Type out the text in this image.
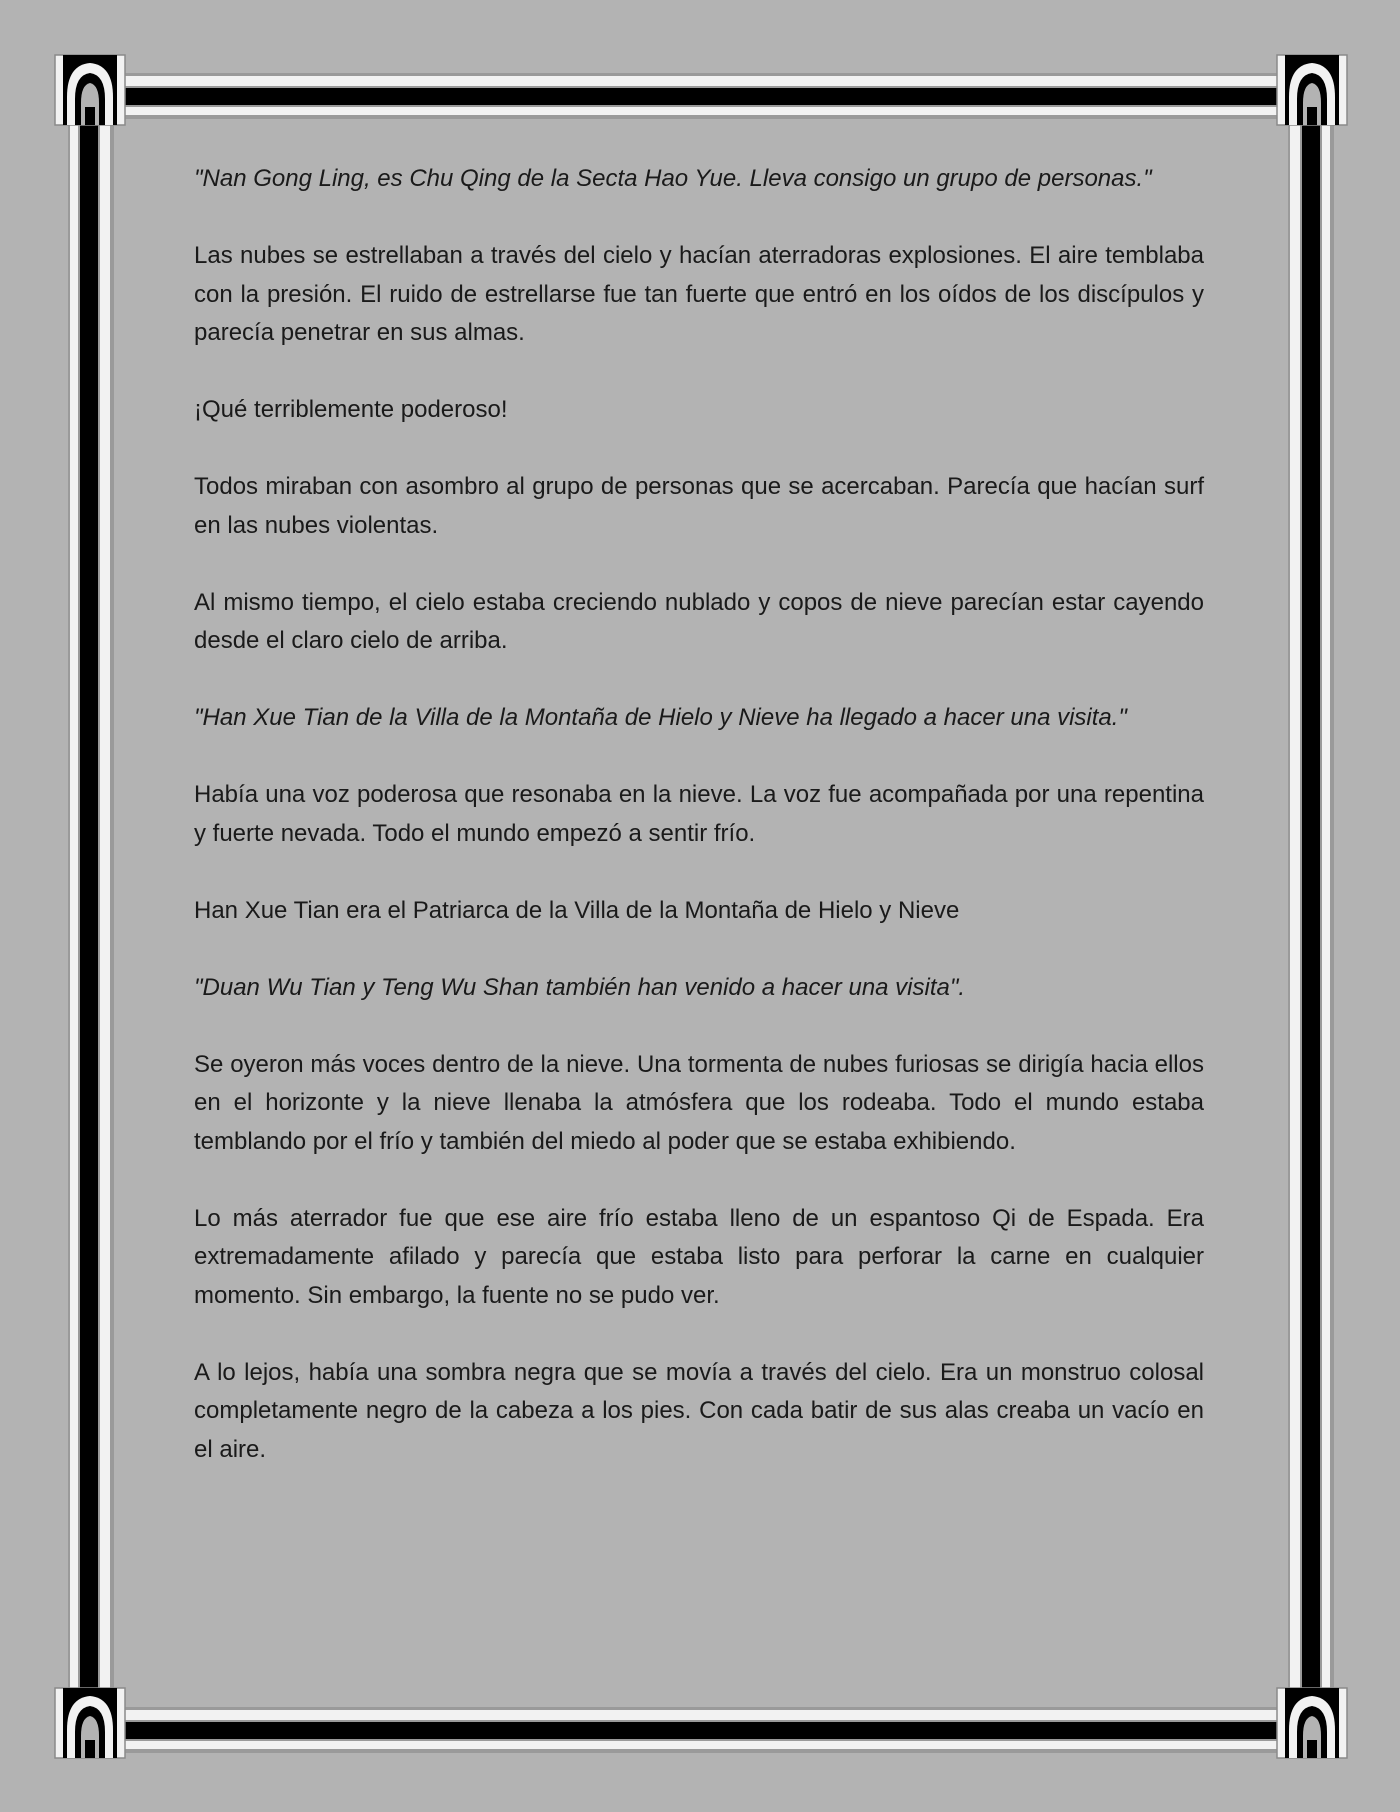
"Nan Gong Ling, es Chu Qing de la Secta Hao Yue. Lleva consigo un grupo de personas."

Las nubes se estrellaban a través del cielo y hacían aterradoras explosiones. El aire temblaba con la presión. El ruido de estrellarse fue tan fuerte que entró en los oídos de los discípulos y parecía penetrar en sus almas.

¡Qué terriblemente poderoso!

Todos miraban con asombro al grupo de personas que se acercaban. Parecía que hacían surf en las nubes violentas.

Al mismo tiempo, el cielo estaba creciendo nublado y copos de nieve parecían estar cayendo desde el claro cielo de arriba.

"Han Xue Tian de la Villa de la Montaña de Hielo y Nieve ha llegado a hacer una visita."

Había una voz poderosa que resonaba en la nieve. La voz fue acompañada por una repentina y fuerte nevada. Todo el mundo empezó a sentir frío.

Han Xue Tian era el Patriarca de la Villa de la Montaña de Hielo y Nieve

"Duan Wu Tian y Teng Wu Shan también han venido a hacer una visita".

Se oyeron más voces dentro de la nieve. Una tormenta de nubes furiosas se dirigía hacia ellos en el horizonte y la nieve llenaba la atmósfera que los rodeaba. Todo el mundo estaba temblando por el frío y también del miedo al poder que se estaba exhibiendo.

Lo más aterrador fue que ese aire frío estaba lleno de un espantoso Qi de Espada. Era extremadamente afilado y parecía que estaba listo para perforar la carne en cualquier momento. Sin embargo, la fuente no se pudo ver.

A lo lejos, había una sombra negra que se movía a través del cielo. Era un monstruo colosal completamente negro de la cabeza a los pies. Con cada batir de sus alas creaba un vacío en el aire.
